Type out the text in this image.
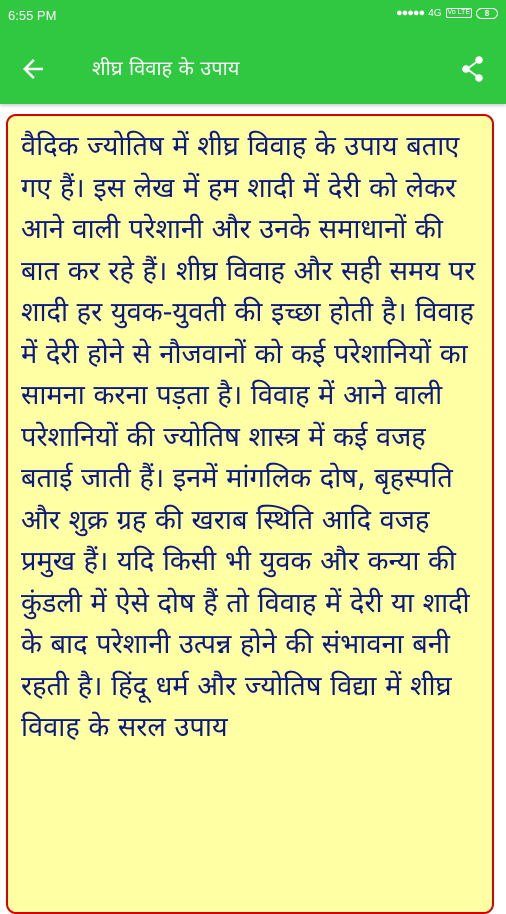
6:55 PM	●●●●● 4G Vo LTE 8
शीघ्र विवाह के उपाय
वैदिक ज्योतिष में शीघ्र विवाह के उपाय बताए गए हैं। इस लेख में हम शादी में देरी को लेकर आने वाली परेशानी और उनके समाधानों की बात कर रहे हैं। शीघ्र विवाह और सही समय पर शादी हर युवक-युवती की इच्छा होती है। विवाह में देरी होने से नौजवानों को कई परेशानियों का सामना करना पड़ता है। विवाह में आने वाली परेशानियों की ज्योतिष शास्त्र में कई वजह बताई जाती हैं। इनमें मांगलिक दोष, बृहस्पति और शुक्र ग्रह की खराब स्थिति आदि वजह प्रमुख हैं। यदि किसी भी युवक और कन्या की कुंडली में ऐसे दोष हैं तो विवाह में देरी या शादी के बाद परेशानी उत्पन्न होने की संभावना बनी रहती है। हिंदू धर्म और ज्योतिष विद्या में शीघ्र विवाह के सरल उपाय
